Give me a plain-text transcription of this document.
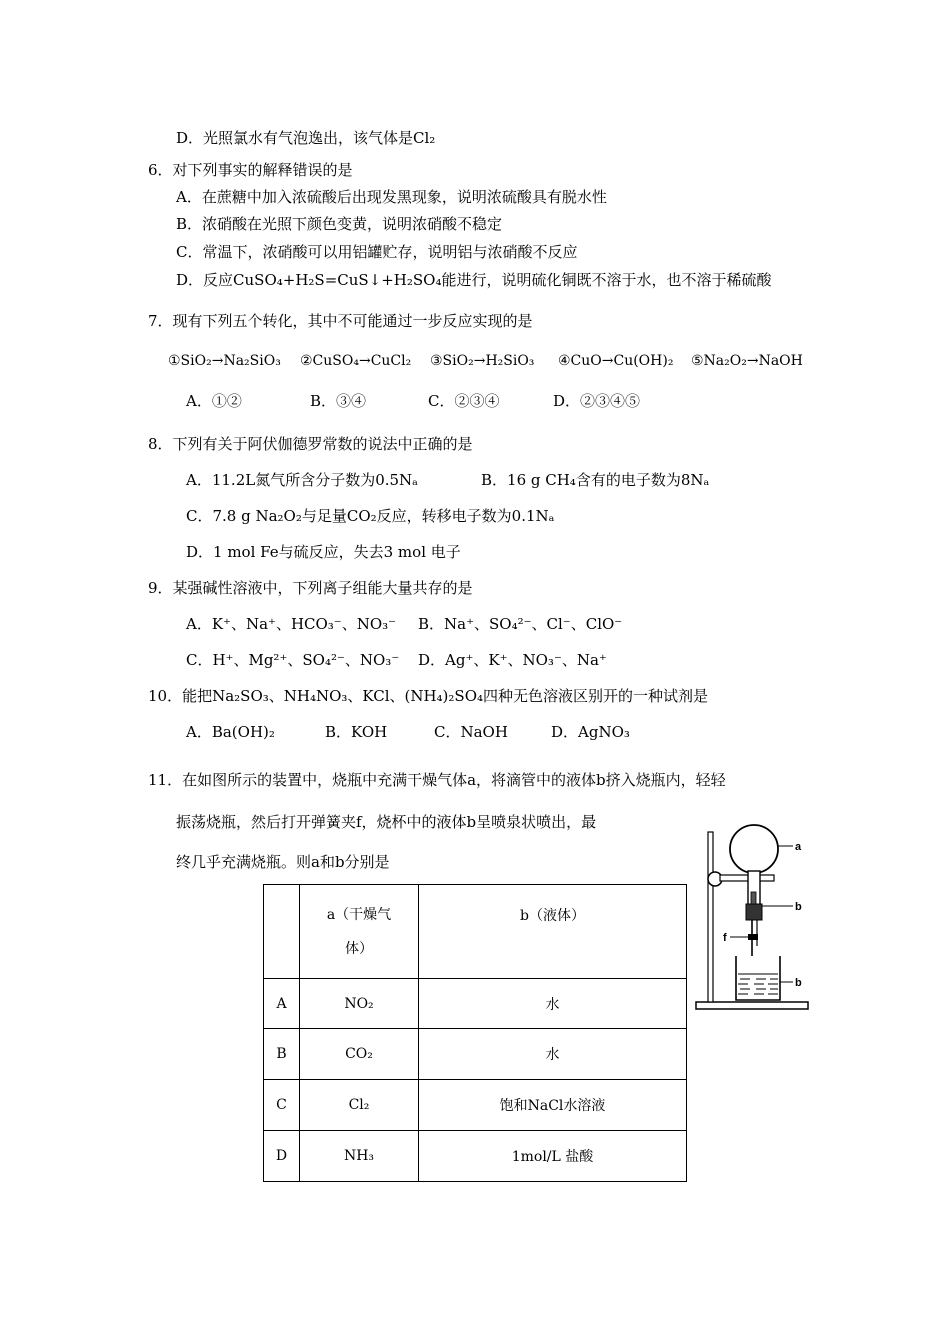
D．光照氯水有气泡逸出，该气体是Cl₂
6．对下列事实的解释错误的是
A．在蔗糖中加入浓硫酸后出现发黑现象，说明浓硫酸具有脱水性
B．浓硝酸在光照下颜色变黄，说明浓硝酸不稳定
C．常温下，浓硝酸可以用铝罐贮存，说明铝与浓硝酸不反应
D．反应CuSO₄+H₂S=CuS↓+H₂SO₄能进行，说明硫化铜既不溶于水，也不溶于稀硫酸
7．现有下列五个转化，其中不可能通过一步反应实现的是
①SiO₂→Na₂SiO₃ ②CuSO₄→CuCl₂ ③SiO₂→H₂SiO₃ ④CuO→Cu(OH)₂ ⑤Na₂O₂→NaOH
A．①②	B．③④	C．②③④	D．②③④⑤
8．下列有关于阿伏伽德罗常数的说法中正确的是
A．11.2L氮气所含分子数为0.5Nₐ	B．16 g CH₄含有的电子数为8Nₐ
C．7.8 g Na₂O₂与足量CO₂反应，转移电子数为0.1Nₐ
D．1 mol Fe与硫反应，失去3 mol 电子
9．某强碱性溶液中，下列离子组能大量共存的是
A．K⁺、Na⁺、HCO₃⁻、NO₃⁻ B．Na⁺、SO₄²⁻、Cl⁻、ClO⁻
C．H⁺、Mg²⁺、SO₄²⁻、NO₃⁻ D．Ag⁺、K⁺、NO₃⁻、Na⁺
10．能把Na₂SO₃、NH₄NO₃、KCl、(NH₄)₂SO₄四种无色溶液区别开的一种试剂是
A．Ba(OH)₂	B．KOH	C．NaOH	D．AgNO₃
11．在如图所示的装置中，烧瓶中充满干燥气体a，将滴管中的液体b挤入烧瓶内，轻轻
振荡烧瓶，然后打开弹簧夹f，烧杯中的液体b呈喷泉状喷出，最
终几乎充满烧瓶。则a和b分别是

	a（干燥气
体）	b（液体）
A	NO₂	水
B	CO₂	水
C	Cl₂	饱和NaCl水溶液
D	NH₃	1mol/L 盐酸
a
b
f
b
